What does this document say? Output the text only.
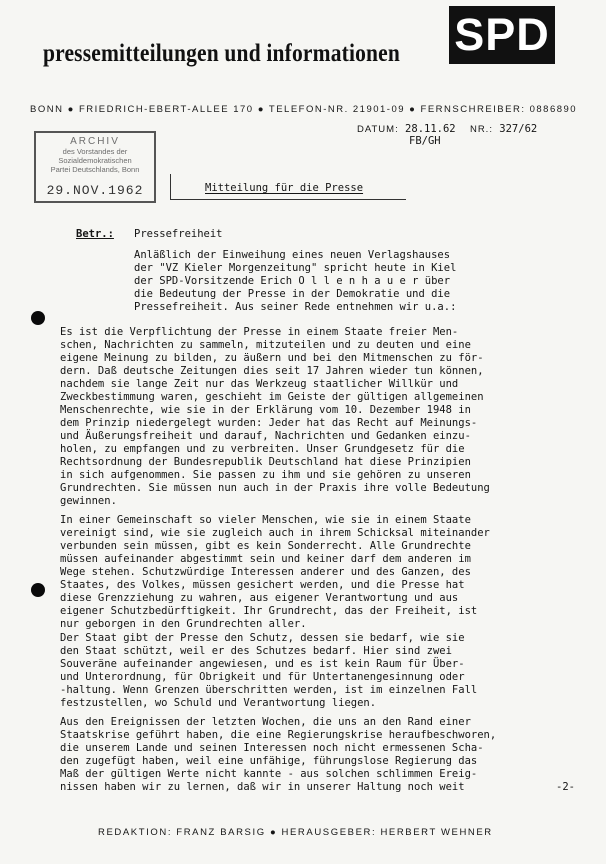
pressemitteilungen und informationen SPD
BONN ● FRIEDRICH-EBERT-ALLEE 170 ● TELEFON-NR. 21901-09 ● FERNSCHREIBER: 0886890
DATUM: 28.11.62 NR.: 327/62
FB/GH
ARCHIV
des Vorstandes der Sozialdemokratischen
Partei Deutschlands, Bonn
29.NOV.1962	Mitteilung für die Presse
Betr.: Pressefreiheit
Anläßlich der Einweihung eines neuen Verlagshauses
der "VZ Kieler Morgenzeitung" spricht heute in Kiel
der SPD-Vorsitzende Erich O l l e n h a u e r über
die Bedeutung der Presse in der Demokratie und die
Pressefreiheit. Aus seiner Rede entnehmen wir u.a.:
Es ist die Verpflichtung der Presse in einem Staate freier Men-
schen, Nachrichten zu sammeln, mitzuteilen und zu deuten und eine
eigene Meinung zu bilden, zu äußern und bei den Mitmenschen zu för-
dern. Daß deutsche Zeitungen dies seit 17 Jahren wieder tun können,
nachdem sie lange Zeit nur das Werkzeug staatlicher Willkür und
Zweckbestimmung waren, geschieht im Geiste der gültigen allgemeinen
Menschenrechte, wie sie in der Erklärung vom 10. Dezember 1948 in
dem Prinzip niedergelegt wurden: Jeder hat das Recht auf Meinungs-
und Äußerungsfreiheit und darauf, Nachrichten und Gedanken einzu-
holen, zu empfangen und zu verbreiten. Unser Grundgesetz für die
Rechtsordnung der Bundesrepublik Deutschland hat diese Prinzipien
in sich aufgenommen. Sie passen zu ihm und sie gehören zu unseren
Grundrechten. Sie müssen nun auch in der Praxis ihre volle Bedeutung
gewinnen.
In einer Gemeinschaft so vieler Menschen, wie sie in einem Staate
vereinigt sind, wie sie zugleich auch in ihrem Schicksal miteinander
verbunden sein müssen, gibt es kein Sonderrecht. Alle Grundrechte
müssen aufeinander abgestimmt sein und keiner darf dem anderen im
Wege stehen. Schutzwürdige Interessen anderer und des Ganzen, des
Staates, des Volkes, müssen gesichert werden, und die Presse hat
diese Grenzziehung zu wahren, aus eigener Verantwortung und aus
eigener Schutzbedürftigkeit. Ihr Grundrecht, das der Freiheit, ist
nur geborgen in den Grundrechten aller.
Der Staat gibt der Presse den Schutz, dessen sie bedarf, wie sie
den Staat schützt, weil er des Schutzes bedarf. Hier sind zwei
Souveräne aufeinander angewiesen, und es ist kein Raum für Über-
und Unterordnung, für Obrigkeit und für Untertanengesinnung oder
-haltung. Wenn Grenzen überschritten werden, ist im einzelnen Fall
festzustellen, wo Schuld und Verantwortung liegen.
Aus den Ereignissen der letzten Wochen, die uns an den Rand einer
Staatskrise geführt haben, die eine Regierungskrise heraufbeschworen,
die unserem Lande und seinen Interessen noch nicht ermessenen Scha-
den zugefügt haben, weil eine unfähige, führungslose Regierung das
Maß der gültigen Werte nicht kannte - aus solchen schlimmen Ereig-
nissen haben wir zu lernen, daß wir in unserer Haltung noch weit	-2-
REDAKTION: FRANZ BARSIG ● HERAUSGEBER: HERBERT WEHNER
